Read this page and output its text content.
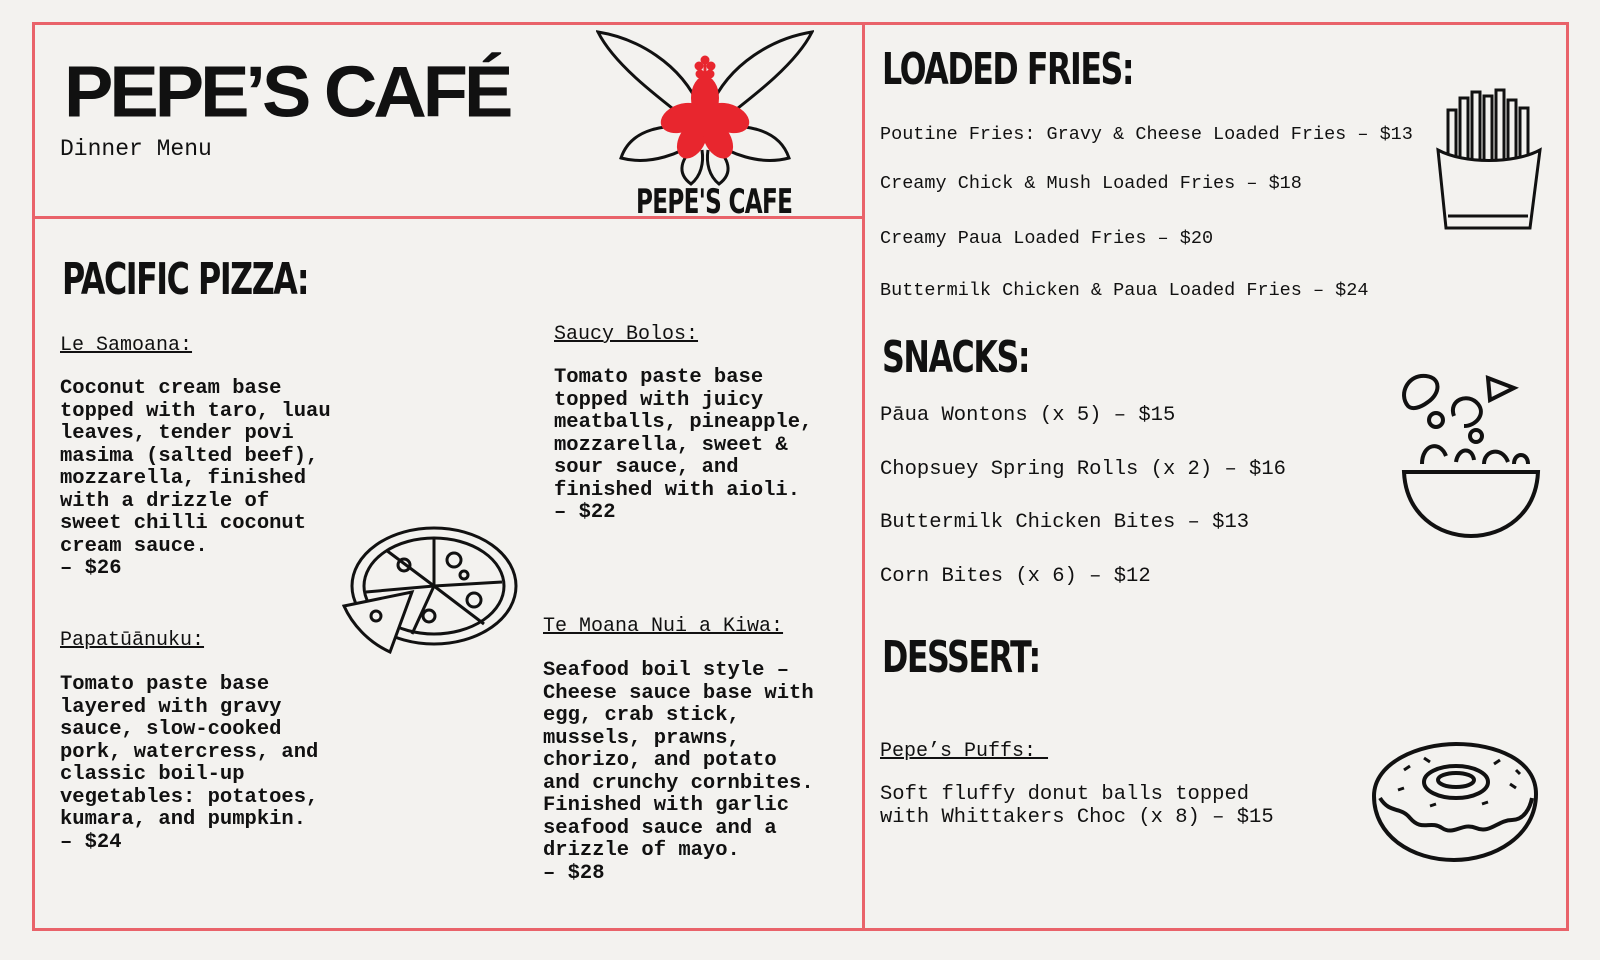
PEPE’S CAFÉ

Dinner Menu

PEPE'S CAFE

PACIFIC PIZZA:

Le Samoana:

Coconut cream base
topped with taro, luau
leaves, tender povi
masima (salted beef),
mozzarella, finished
with a drizzle of
sweet chilli coconut
cream sauce.
– $26

Saucy Bolos:

Tomato paste base
topped with juicy
meatballs, pineapple,
mozzarella, sweet &
sour sauce, and
finished with aioli.
– $22

Papatūānuku:

Tomato paste base
layered with gravy
sauce, slow-cooked
pork, watercress, and
classic boil-up
vegetables: potatoes,
kumara, and pumpkin.
– $24

Te Moana Nui a Kiwa:

Seafood boil style –
Cheese sauce base with
egg, crab stick,
mussels, prawns,
chorizo, and potato
and crunchy cornbites.
Finished with garlic
seafood sauce and a
drizzle of mayo.
– $28

LOADED FRIES:

Poutine Fries: Gravy & Cheese Loaded Fries – $13

Creamy Chick & Mush Loaded Fries – $18

Creamy Paua Loaded Fries – $20

Buttermilk Chicken & Paua Loaded Fries – $24

SNACKS:

Pāua Wontons (x 5) – $15

Chopsuey Spring Rolls (x 2) – $16

Buttermilk Chicken Bites – $13

Corn Bites (x 6) – $12

DESSERT:

Pepe’s Puffs:

Soft fluffy donut balls topped
with Whittakers Choc (x 8) – $15
